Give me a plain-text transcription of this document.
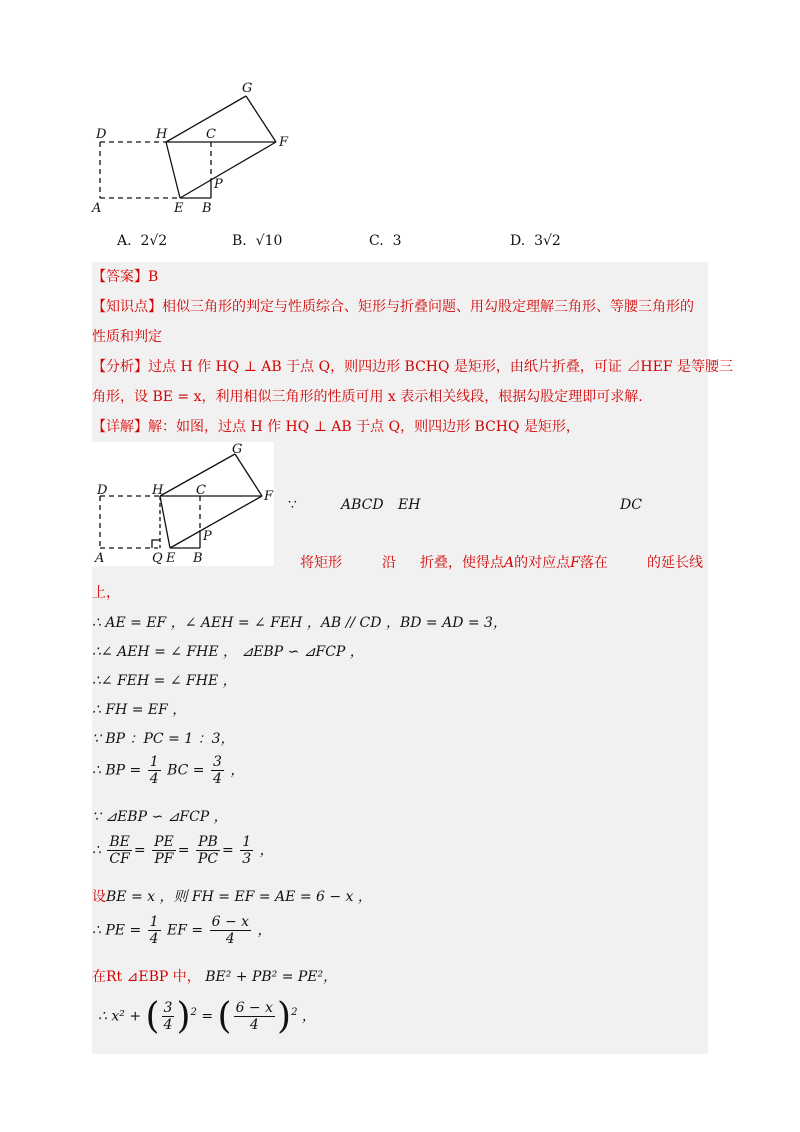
G
D	H	C
F
P
A	E B
A. 2√2	B. √10	C. 3	D. 3√2
【答案】B
【知识点】相似三角形的判定与性质综合、矩形与折叠问题、用勾股定理解三角形、等腰三角形的
性质和判定
【分析】过点 H 作 HQ ⊥ AB 于点 Q，则四边形 BCHQ 是矩形，由纸片折叠，可证 ⊿HEF 是等腰三
角形，设 BE = x，利用相似三角形的性质可用 x 表示相关线段，根据勾股定理即可求解.
【详解】解：如图，过点 H 作 HQ ⊥ AB 于点 Q，则四边形 BCHQ 是矩形，
G
D	H	C	F
P
A	Q E B
∵	ABCD EH	DC
将矩形	沿 折叠，使得点A的对应点F落在	的延长线
上，
∴ AE = EF ，∠ AEH = ∠ FEH ，AB // CD ，BD = AD = 3，
∴∠ AEH = ∠ FHE ， ⊿EBP ∽ ⊿FCP ，
∴∠ FEH = ∠ FHE ，
∴ FH = EF ，
∵ BP ：PC = 1 ：3，
∴ BP = $\frac{1}{4}$ BC = $\frac{3}{4}$ ，
∵ ⊿EBP ∽ ⊿FCP ，
∴ $\frac{BE}{CF} = \frac{PE}{PF} = \frac{PB}{PC} = \frac{1}{3}$ ，
设BE = x ，则 FH = EF = AE = 6 − x ，
∴ PE = $\frac{1}{4}$ EF = $\frac{6 - x}{4}$ ，
在Rt ⊿EBP 中， BE² + PB² = PE²，
∴ x² + ( $\frac{3}{4} )^2$ = ( $\frac{6 - x}{4} )^2$ ，
